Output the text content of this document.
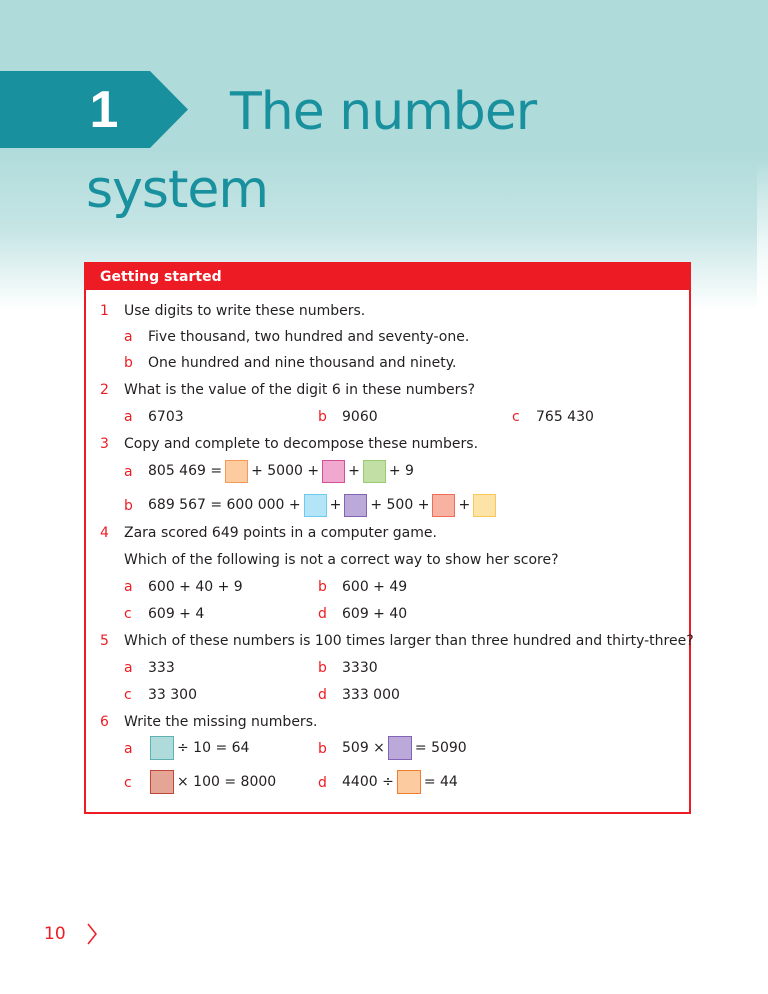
1 The number
system
Getting started
1 Use digits to write these numbers.
a Five thousand, two hundred and seventy-one.
b One hundred and nine thousand and ninety.
2 What is the value of the digit 6 in these numbers?
a 6703	b 9060	c 765 430
3 Copy and complete to decompose these numbers.
a 805 469 = + 5000 + + + 9
b 689 567 = 600 000 + + + 500 + +
4 Zara scored 649 points in a computer game.
Which of the following is not a correct way to show her score?
a 600 + 40 + 9	b 600 + 49
c 609 + 4	d 609 + 40
5 Which of these numbers is 100 times larger than three hundred and thirty-three?
a 333	b 3330
c 33 300	d 333 000
6 Write the missing numbers.
a	÷ 10 = 64	b 509 × = 5090
c	× 100 = 8000	d 4400 ÷ = 44
10
